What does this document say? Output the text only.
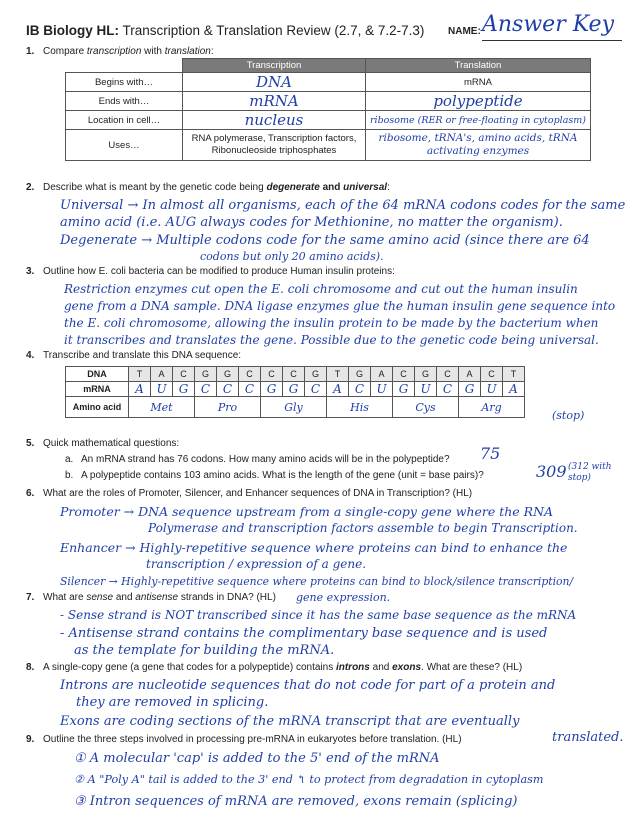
IB Biology HL: Transcription & Translation Review (2.7, & 7.2-7.3) NAME: Answer Key
1. Compare transcription with translation:
	Transcription	Translation
Begins with…	DNA	mRNA
Ends with…	mRNA	polypeptide
Location in cell…	nucleus	ribosome (RER or free-floating in cytoplasm)
Uses…	RNA polymerase, Transcription factors, Ribonucleoside triphosphates	ribosome, tRNA's, amino acids, tRNA activating enzymes
2. Describe what is meant by the genetic code being degenerate and universal:
Universal → In almost all organisms, each of the 64 mRNA codons codes for the same
amino acid (i.e. AUG always codes for Methionine, no matter the organism).
Degenerate → Multiple codons code for the same amino acid (since there are 64
codons but only 20 amino acids).
3. Outline how E. coli bacteria can be modified to produce Human insulin proteins:
Restriction enzymes cut open the E. coli chromosome and cut out the human insulin
gene from a DNA sample. DNA ligase enzymes glue the human insulin gene sequence into
the E. coli chromosome, allowing the insulin protein to be made by the bacterium when
it transcribes and translates the gene. Possible due to the genetic code being universal.
4. Transcribe and translate this DNA sequence:
DNA	T	A	C	G	G	C	C	C	G	T	G	A	C	G	C	A	C	T
mRNA	A	U	G	C	C	C	G	G	C	A	C	U	G	U	C	G	U	A
Amino acid	Met			Pro			Gly			His			Cys			Arg		
(stop)
5. Quick mathematical questions:
a. An mRNA strand has 76 codons. How many amino acids will be in the polypeptide? 75
b. A polypeptide contains 103 amino acids. What is the length of the gene (unit = base pairs)?	309 (312 with stop)
6. What are the roles of Promoter, Silencer, and Enhancer sequences of DNA in Transcription? (HL)
Promoter → DNA sequence upstream from a single-copy gene where the RNA
Polymerase and transcription factors assemble to begin Transcription.
Enhancer → Highly-repetitive sequence where proteins can bind to enhance the
transcription / expression of a gene.
Silencer → Highly-repetitive sequence where proteins can bind to block/silence transcription/
gene expression.
7. What are sense and antisense strands in DNA? (HL)
- Sense strand is NOT transcribed since it has the same base sequence as the mRNA
- Antisense strand contains the complimentary base sequence and is used
as the template for building the mRNA.
8. A single-copy gene (a gene that codes for a polypeptide) contains introns and exons. What are these? (HL)
Introns are nucleotide sequences that do not code for part of a protein and
they are removed in splicing.
Exons are coding sections of the mRNA transcript that are eventually
translated.
9. Outline the three steps involved in processing pre-mRNA in eukaryotes before translation. (HL)
① A molecular 'cap' is added to the 5' end of the mRNA
② A "Poly A" tail is added to the 3' end ↰ to protect from degradation in cytoplasm
③ Intron sequences of mRNA are removed, exons remain (splicing)
